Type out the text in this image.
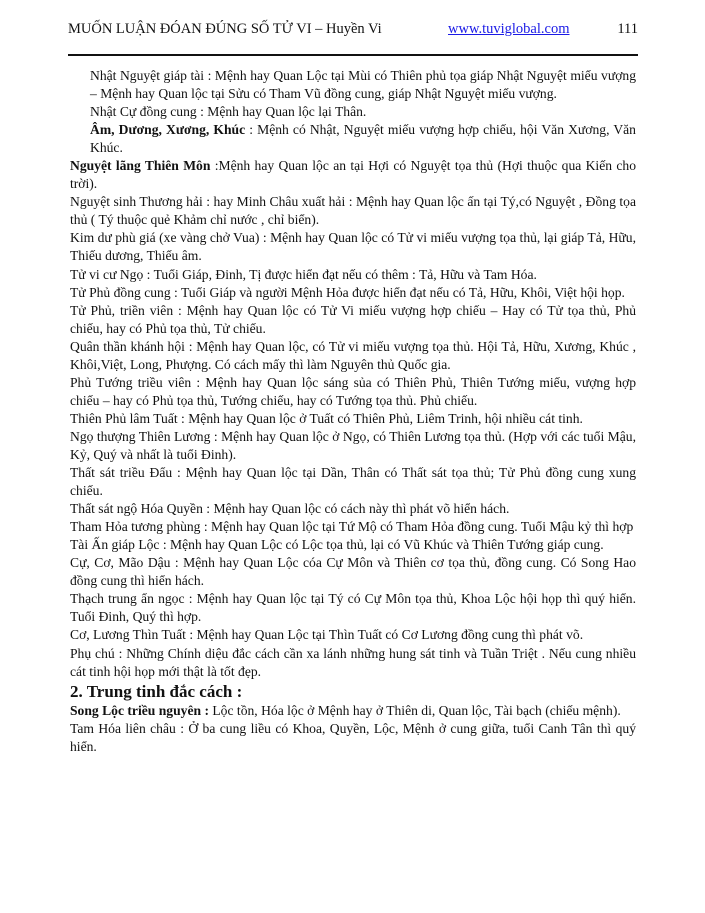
MUỐN LUẬN ĐÓAN ĐÚNG SỐ TỬ VI – Huyền Vi	www.tuviglobal.com	111

Nhật Nguyệt giáp tài : Mệnh hay Quan Lộc tại Mùi có Thiên phủ tọa giáp Nhật Nguyệt miếu vượng – Mệnh hay Quan lộc tại Sửu có Tham Vũ đồng cung, giáp Nhật Nguyệt miếu vượng.

Nhật Cự đồng cung : Mệnh hay Quan lộc lại Thân.

Âm, Dương, Xương, Khúc : Mệnh có Nhật, Nguyệt miếu vượng hợp chiếu, hội Văn Xương, Văn Khúc.

Nguyệt lãng Thiên Môn :Mệnh hay Quan lộc an tại Hợi có Nguyệt tọa thủ (Hợi thuộc qua Kiến cho trời).

Nguyệt sinh Thương hải : hay Minh Châu xuất hải : Mệnh hay Quan lộc ấn tại Tý,có Nguyệt , Đồng tọa thủ ( Tý thuộc quẻ Khảm chỉ nước , chỉ biển).

Kim dư phù giá (xe vàng chở Vua) : Mệnh hay Quan lộc có Tử vi miếu vượng tọa thủ, lại giáp Tả, Hữu, Thiếu dương, Thiếu âm.

Tử vi cư Ngọ : Tuổi Giáp, Đinh, Tị được hiển đạt nếu có thêm : Tả, Hữu và Tam Hóa.

Tử Phủ đồng cung : Tuổi Giáp và người Mệnh Hỏa được hiển đạt nếu có Tả, Hữu, Khôi, Việt hội họp.

Tử Phủ, triền viên : Mệnh hay Quan lộc có Tử Vi miếu vượng hợp chiếu – Hay có Tử tọa thủ, Phủ chiếu, hay có Phủ tọa thủ, Tử chiếu.

Quân thần khánh hội : Mệnh hay Quan lộc, có Tử vi miếu vượng tọa thủ. Hội Tả, Hữu, Xương, Khúc , Khôi,Việt, Long, Phượng. Có cách mấy thì làm Nguyên thủ Quốc gia.

Phủ Tướng triều viên : Mệnh hay Quan lộc sáng sủa có Thiên Phủ, Thiên Tướng miếu, vượng hợp chiếu – hay có Phủ tọa thủ, Tướng chiếu, hay có Tướng tọa thủ. Phủ chiếu.

Thiên Phủ lâm Tuất : Mệnh hay Quan lộc ở Tuất có Thiên Phủ, Liêm Trinh, hội nhiều cát tinh.

Ngọ thượng Thiên Lương : Mệnh hay Quan lộc ở Ngọ, có Thiên Lương tọa thủ. (Hợp với các tuổi Mậu, Kỷ, Quý và nhất là tuổi Đinh).

Thất sát triều Đẩu : Mệnh hay Quan lộc tại Dần, Thân có Thất sát tọa thủ; Tử Phủ đồng cung xung chiếu.

Thất sát ngộ Hóa Quyền : Mệnh hay Quan lộc có cách này thì phát võ hiển hách.

Tham Hỏa tương phùng : Mệnh hay Quan lộc tại Tứ Mộ có Tham Hỏa đồng cung. Tuổi Mậu kỷ thì hợp

Tài Ấn giáp Lộc : Mệnh hay Quan Lộc có Lộc tọa thủ, lại có Vũ Khúc và Thiên Tướng giáp cung.

Cự, Cơ, Mão Dậu : Mệnh hay Quan Lộc cóa Cự Môn và Thiên cơ tọa thủ, đồng cung. Có Song Hao đồng cung thì hiển hách.

Thạch trung ẩn ngọc : Mệnh hay Quan lộc tại Tý có Cự Môn tọa thủ, Khoa Lộc hội họp thì quý hiển. Tuổi Đinh, Quý thì hợp.

Cơ, Lương Thìn Tuất : Mệnh hay Quan Lộc tại Thìn Tuất có Cơ Lương đồng cung thì phát võ.

Phụ chú : Những Chính diệu đắc cách cần xa lánh những hung sát tinh và Tuần Triệt . Nếu cung nhiều cát tinh hội họp mới thật là tốt đẹp.

2. Trung tinh đắc cách :

Song Lộc triều nguyên : Lộc tồn, Hóa lộc ở Mệnh hay ở Thiên di, Quan lộc, Tài bạch (chiếu mệnh).

Tam Hóa liên châu : Ở ba cung liều có Khoa, Quyền, Lộc, Mệnh ở cung giữa, tuổi Canh Tân thì quý hiển.
